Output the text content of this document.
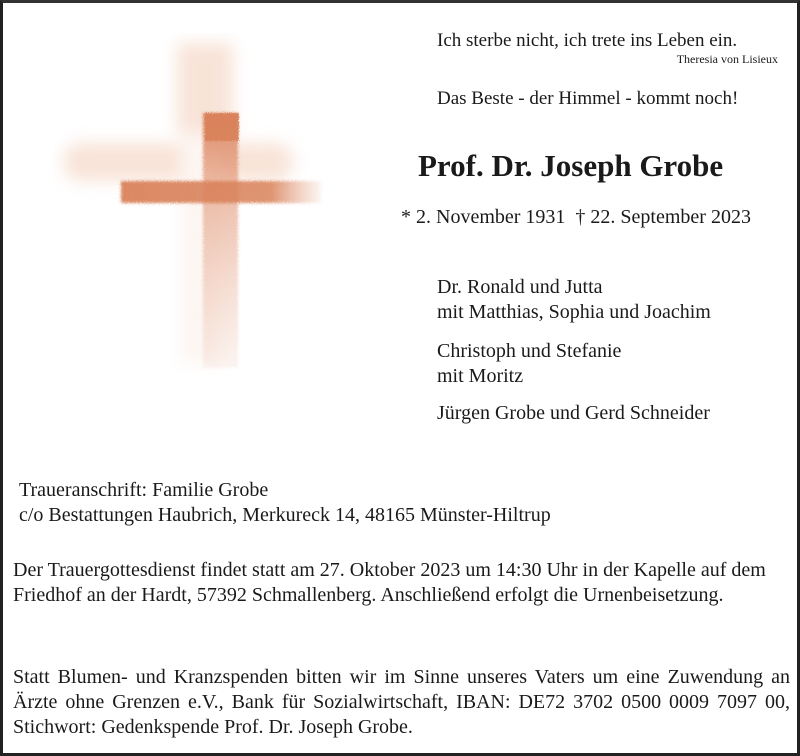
Ich sterbe nicht, ich trete ins Leben ein.
Theresia von Lisieux
Das Beste - der Himmel - kommt noch!
Prof. Dr. Joseph Grobe
* 2. November 1931  † 22. September 2023
Dr. Ronald und Jutta
mit Matthias, Sophia und Joachim
Christoph und Stefanie
mit Moritz
Jürgen Grobe und Gerd Schneider
Traueranschrift: Familie Grobe
c/o Bestattungen Haubrich, Merkureck 14, 48165 Münster-Hiltrup
Der Trauergottesdienst findet statt am 27. Oktober 2023 um 14:30 Uhr in der Kapelle auf dem Friedhof an der Hardt, 57392 Schmallenberg. Anschließend erfolgt die Urnenbeisetzung.
Statt Blumen- und Kranzspenden bitten wir im Sinne unseres Vaters um eine Zuwendung an Ärzte ohne Grenzen e.V., Bank für Sozialwirtschaft, IBAN: DE72 3702 0500 0009 7097 00, Stichwort: Gedenkspende Prof. Dr. Joseph Grobe.
